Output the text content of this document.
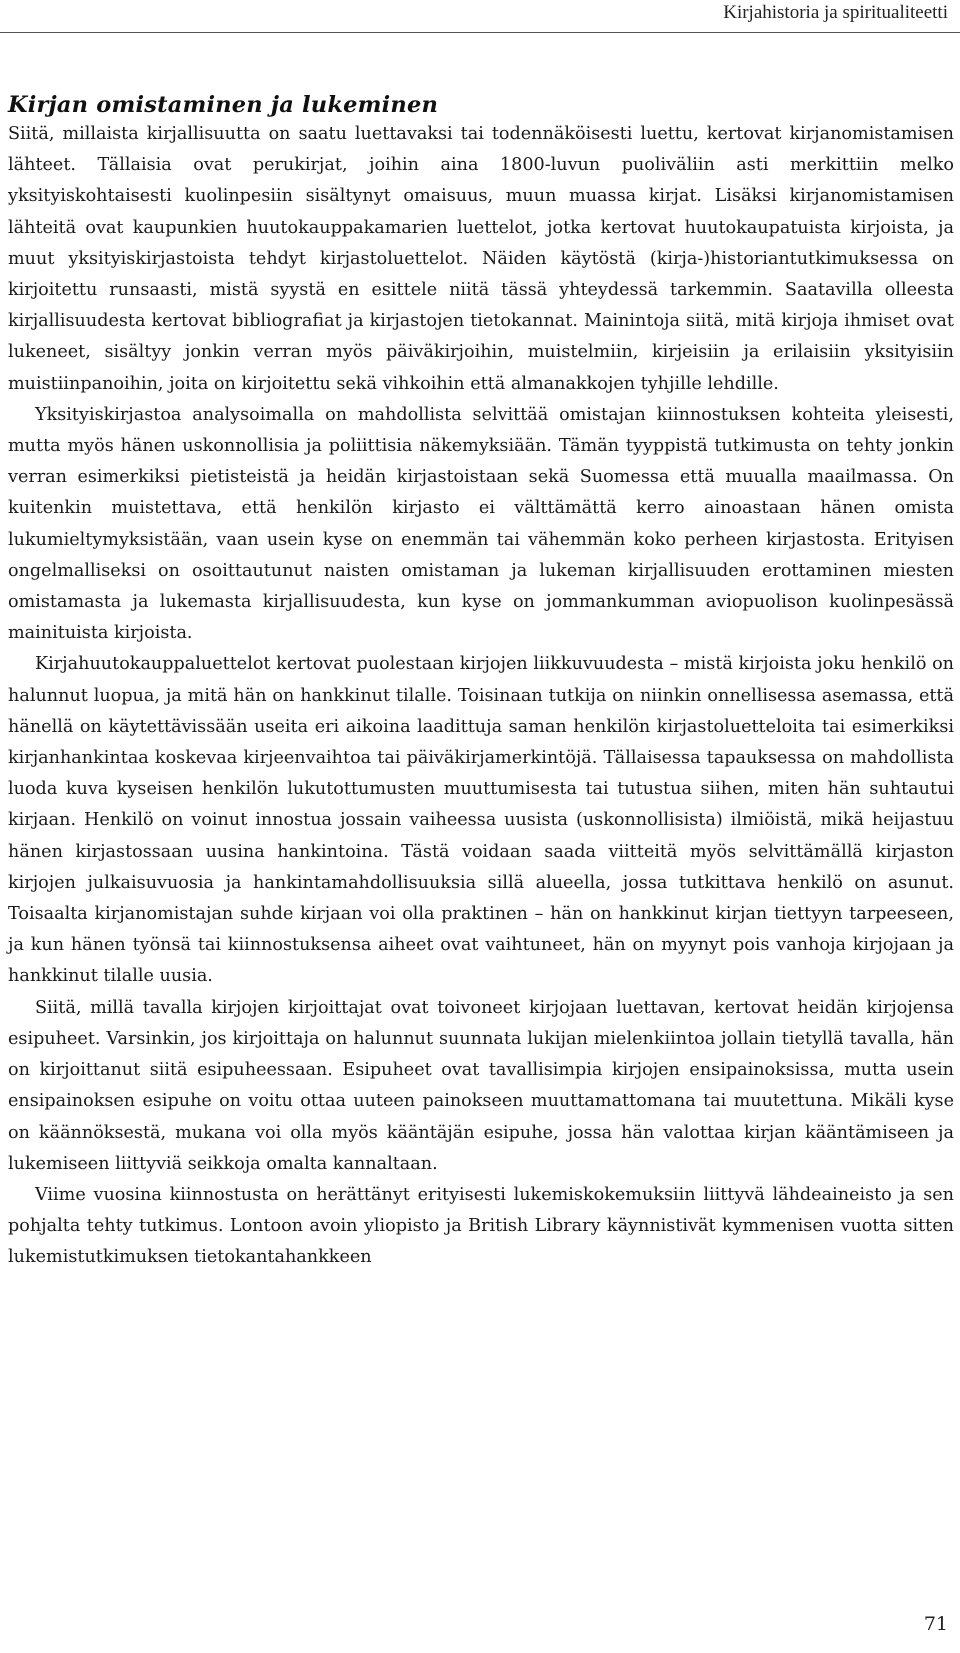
Kirjahistoria ja spiritualiteetti
Kirjan omistaminen ja lukeminen

Siitä, millaista kirjallisuutta on saatu luettavaksi tai todennäköisesti luettu, kertovat kirjanomistamisen lähteet. Tällaisia ovat perukirjat, joihin aina 1800-luvun puoliväliin asti merkittiin melko yksityiskohtaisesti kuolinpesiin sisältynyt omaisuus, muun muassa kirjat. Lisäksi kirjanomistamisen lähteitä ovat kaupunkien huutokauppakamarien luettelot, jotka kertovat huutokaupatuista kirjoista, ja muut yksityiskirjastoista tehdyt kirjastoluettelot. Näiden käytöstä (kirja-)historiantutkimuksessa on kirjoitettu runsaasti, mistä syystä en esittele niitä tässä yhteydessä tarkemmin. Saatavilla olleesta kirjallisuudesta kertovat bibliografiat ja kirjastojen tietokannat. Mainintoja siitä, mitä kirjoja ihmiset ovat lukeneet, sisältyy jonkin verran myös päiväkirjoihin, muistelmiin, kirjeisiin ja erilaisiin yksityisiin muistiinpanoihin, joita on kirjoitettu sekä vihkoihin että almanakkojen tyhjille lehdille.

Yksityiskirjastoa analysoimalla on mahdollista selvittää omistajan kiinnostuksen kohteita yleisesti, mutta myös hänen uskonnollisia ja poliittisia näkemyksiään. Tämän tyyppistä tutkimusta on tehty jonkin verran esimerkiksi pietisteistä ja heidän kirjastoistaan sekä Suomessa että muualla maailmassa. On kuitenkin muistettava, että henkilön kirjasto ei välttämättä kerro ainoastaan hänen omista lukumieltymyksistään, vaan usein kyse on enemmän tai vähemmän koko perheen kirjastosta. Erityisen ongelmalliseksi on osoittautunut naisten omistaman ja lukeman kirjallisuuden erottaminen miesten omistamasta ja lukemasta kirjallisuudesta, kun kyse on jommankumman aviopuolison kuolinpesässä mainituista kirjoista.

Kirjahuutokauppaluettelot kertovat puolestaan kirjojen liikkuvuudesta – mistä kirjoista joku henkilö on halunnut luopua, ja mitä hän on hankkinut tilalle. Toisinaan tutkija on niinkin onnellisessa asemassa, että hänellä on käytettävissään useita eri aikoina laadittuja saman henkilön kirjastoluetteloita tai esimerkiksi kirjanhankintaa koskevaa kirjeenvaihtoa tai päiväkirjamerkintöjä. Tällaisessa tapauksessa on mahdollista luoda kuva kyseisen henkilön lukutottumusten muuttumisesta tai tutustua siihen, miten hän suhtautui kirjaan. Henkilö on voinut innostua jossain vaiheessa uusista (uskonnollisista) ilmiöistä, mikä heijastuu hänen kirjastossaan uusina hankintoina. Tästä voidaan saada viitteitä myös selvittämällä kirjaston kirjojen julkaisuvuosia ja hankintamahdollisuuksia sillä alueella, jossa tutkittava henkilö on asunut. Toisaalta kirjanomistajan suhde kirjaan voi olla praktinen – hän on hankkinut kirjan tiettyyn tarpeeseen, ja kun hänen työnsä tai kiinnostuksensa aiheet ovat vaihtuneet, hän on myynyt pois vanhoja kirjojaan ja hankkinut tilalle uusia.

Siitä, millä tavalla kirjojen kirjoittajat ovat toivoneet kirjojaan luettavan, kertovat heidän kirjojensa esipuheet. Varsinkin, jos kirjoittaja on halunnut suunnata lukijan mielenkiintoa jollain tietyllä tavalla, hän on kirjoittanut siitä esipuheessaan. Esipuheet ovat tavallisimpia kirjojen ensipainoksissa, mutta usein ensipainoksen esipuhe on voitu ottaa uuteen painokseen muuttamattomana tai muutettuna. Mikäli kyse on käännöksestä, mukana voi olla myös kääntäjän esipuhe, jossa hän valottaa kirjan kääntämiseen ja lukemiseen liittyviä seikkoja omalta kannaltaan.

Viime vuosina kiinnostusta on herättänyt erityisesti lukemiskokemuksiin liittyvä lähdeaineisto ja sen pohjalta tehty tutkimus. Lontoon avoin yliopisto ja British Library käynnistivät kymmenisen vuotta sitten lukemistutkimuksen tietokantahankkeen

71
